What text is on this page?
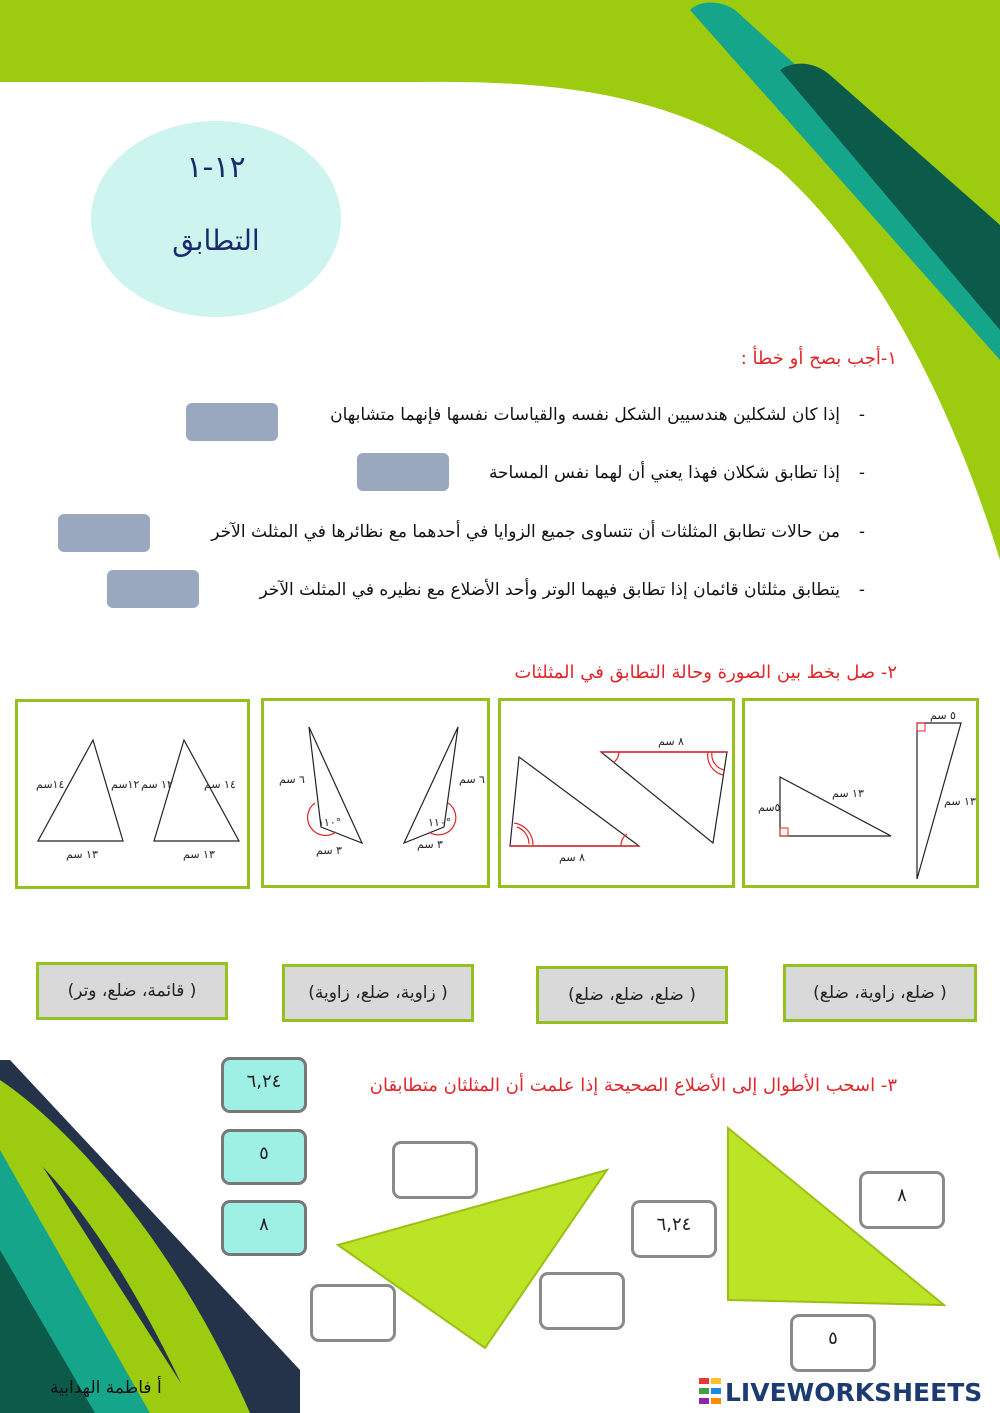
١٢-١
التطابق
١-أجب بصح أو خطأ :
-
إذا كان لشكلين هندسيين الشكل نفسه والقياسات نفسها فإنهما متشابهان
-
إذا تطابق شكلان فهذا يعني أن لهما نفس المساحة
-
من حالات تطابق المثلثات أن تتساوى جميع الزوايا في أحدهما مع نظائرها في المثلث الآخر
-
يتطابق مثلثان قائمان إذا تطابق فيهما الوتر وأحد الأضلاع مع نظيره في المثلث الآخر
٢- صل بخط بين الصورة وحالة التطابق في المثلثات
١٤سم	١٢سم
١٣ سم
١٤ سم
١٢ سم
١٣ سم
٦ سم
١١٠°
٣ سم
٦ سم
١١٠°
٣ سم
٨ سم
٨ سم
٥سم
١٣ سم
٥ سم
١٣ سم
( قائمة، ضلع، وتر)	( زاوية، ضلع، زاوية)	( ضلع، ضلع، ضلع)	( ضلع، زاوية، ضلع)
٣- اسحب الأطوال إلى الأضلاع الصحيحة إذا علمت أن المثلثان متطابقان
٦,٢٤
٥
٨	٦,٢٤
٨
٥
أ فاطمة الهدابية	LIVEWORKSHEETS
